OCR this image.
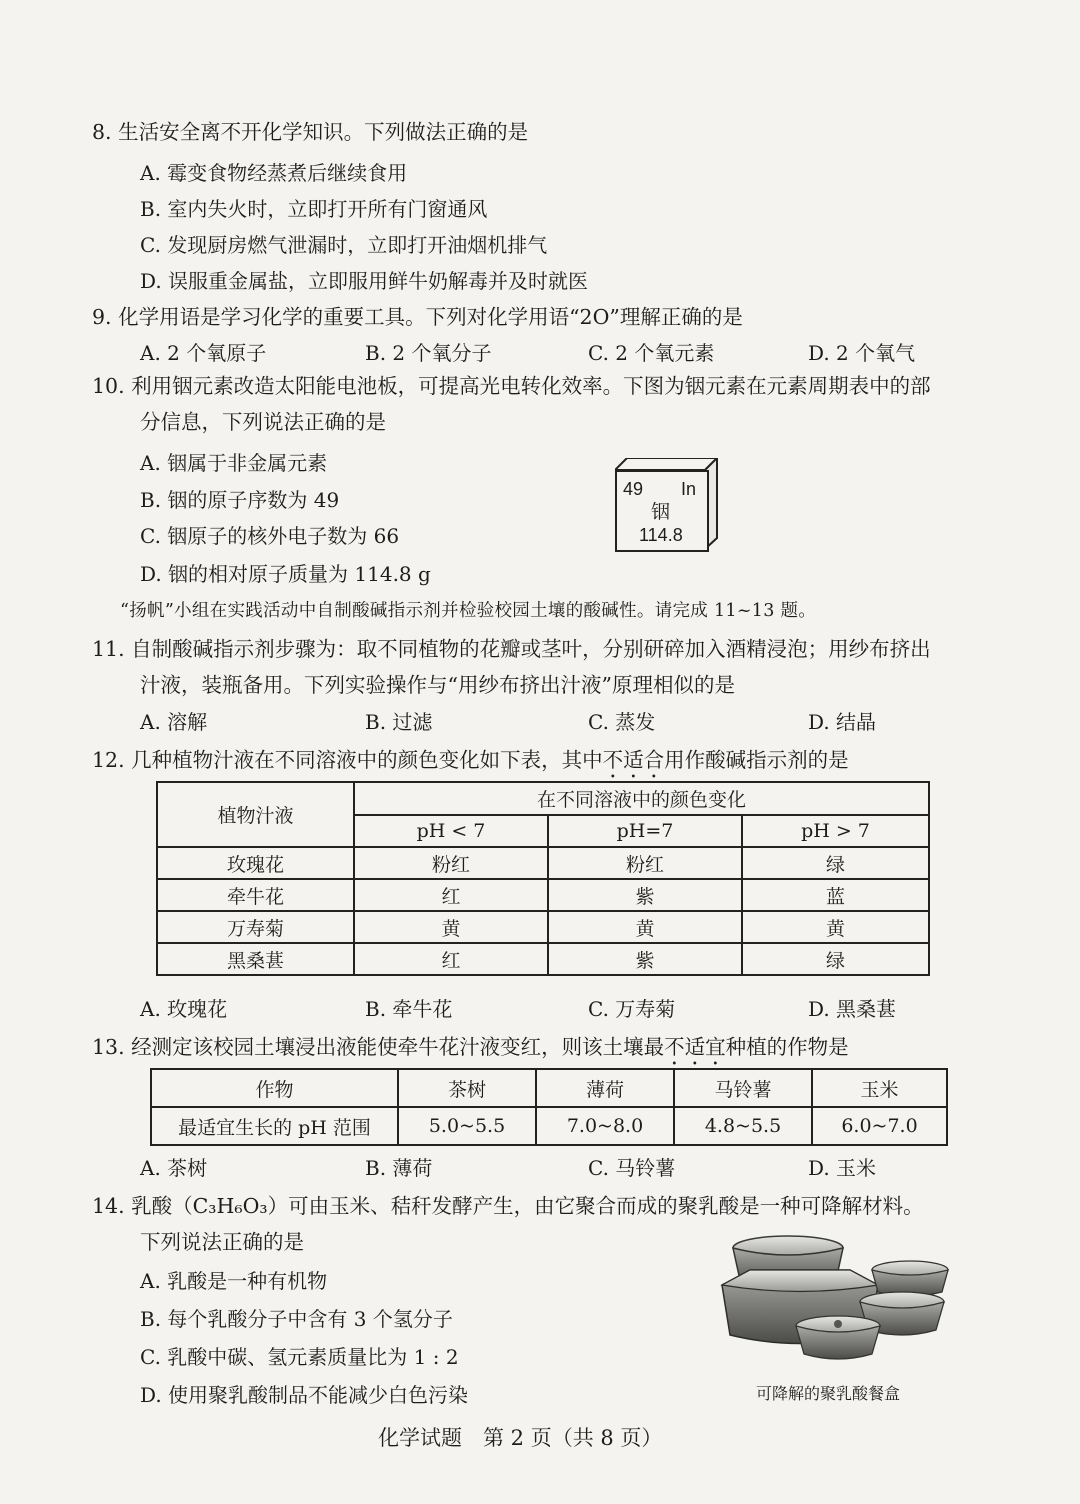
8. 生活安全离不开化学知识。下列做法正确的是
A. 霉变食物经蒸煮后继续食用
B. 室内失火时，立即打开所有门窗通风
C. 发现厨房燃气泄漏时，立即打开油烟机排气
D. 误服重金属盐，立即服用鲜牛奶解毒并及时就医
9. 化学用语是学习化学的重要工具。下列对化学用语“2O”理解正确的是
A. 2 个氧原子	B. 2 个氧分子	C. 2 个氧元素	D. 2 个氧气
10. 利用铟元素改造太阳能电池板，可提高光电转化效率。下图为铟元素在元素周期表中的部
分信息，下列说法正确的是
A. 铟属于非金属元素
B. 铟的原子序数为 49
C. 铟原子的核外电子数为 66
D. 铟的相对原子质量为 114.8 g
49 In
铟
114.8
“扬帆”小组在实践活动中自制酸碱指示剂并检验校园土壤的酸碱性。请完成 11~13 题。
11. 自制酸碱指示剂步骤为：取不同植物的花瓣或茎叶，分别研碎加入酒精浸泡；用纱布挤出
汁液，装瓶备用。下列实验操作与“用纱布挤出汁液”原理相似的是
A. 溶解	B. 过滤	C. 蒸发	D. 结晶
12. 几种植物汁液在不同溶液中的颜色变化如下表，其中不适合用作酸碱指示剂的是
植物汁液	在不同溶液中的颜色变化		
	pH < 7	pH=7	pH > 7
玫瑰花	粉红	粉红	绿
牵牛花	红	紫	蓝
万寿菊	黄	黄	黄
黑桑葚	红	紫	绿
A. 玫瑰花	B. 牵牛花	C. 万寿菊	D. 黑桑葚
13. 经测定该校园土壤浸出液能使牵牛花汁液变红，则该土壤最不适宜种植的作物是
作物	茶树	薄荷	马铃薯	玉米
最适宜生长的 pH 范围	5.0~5.5	7.0~8.0	4.8~5.5	6.0~7.0
A. 茶树	B. 薄荷	C. 马铃薯	D. 玉米
14. 乳酸（C₃H₆O₃）可由玉米、秸秆发酵产生，由它聚合而成的聚乳酸是一种可降解材料。
下列说法正确的是
A. 乳酸是一种有机物
B. 每个乳酸分子中含有 3 个氢分子
C. 乳酸中碳、氢元素质量比为 1 : 2
D. 使用聚乳酸制品不能减少白色污染	可降解的聚乳酸餐盒
化学试题　第 2 页（共 8 页）
